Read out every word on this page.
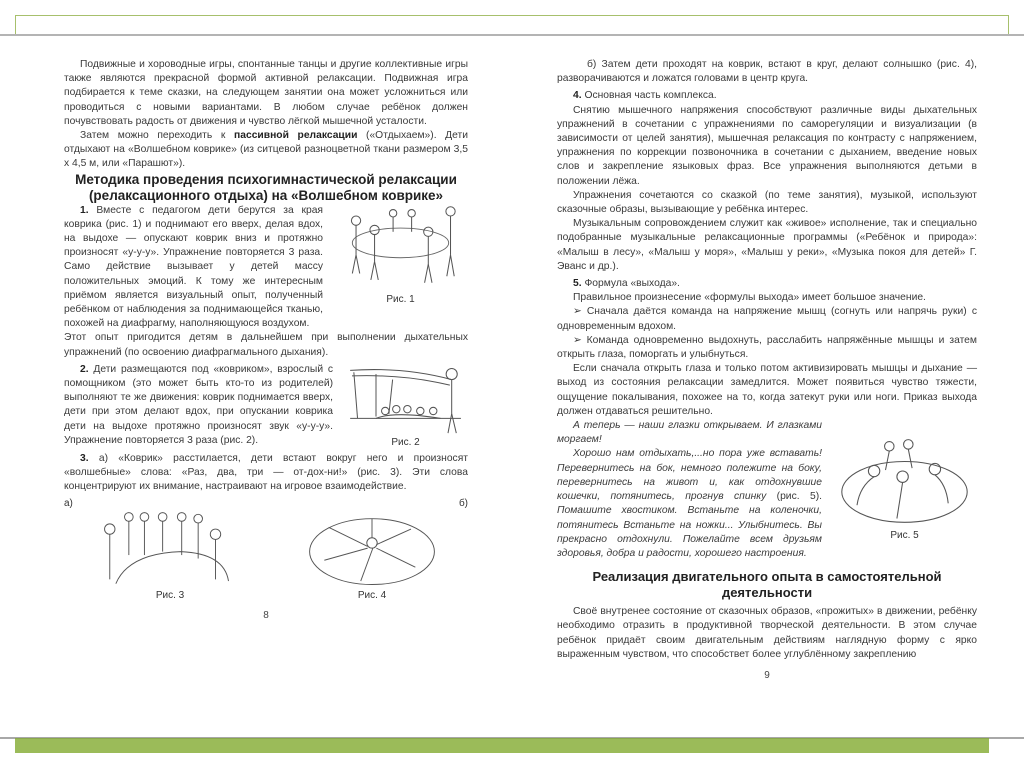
Подвижные и хороводные игры, спонтанные танцы и другие коллективные игры также являются прекрасной формой активной релаксации. Подвижная игра подбирается к теме сказки, на следующем занятии она может усложниться или проводиться с новыми вариантами. В любом случае ребёнок должен почувствовать радость от движения и чувство лёгкой мышечной усталости.

Затем можно переходить к пассивной релаксации («Отдыхаем»). Дети отдыхают на «Волшебном коврике» (из ситцевой разноцветной ткани размером 3,5 х 4,5 м, или «Парашют»).

Методика проведения психогимнастической релаксации (релаксационного отдыха) на «Волшебном коврике»

1. Вместе с педагогом дети берутся за края коврика (рис. 1) и поднимают его вверх, делая вдох, на выдохе — опускают коврик вниз и протяжно произносят «у-у-у». Упражнение повторяется 3 раза. Само действие вызывает у детей массу положительных эмоций. К тому же интересным приёмом является визуальный опыт, полученный ребёнком от наблюдения за поднимающейся тканью, похожей на диафрагму, наполняющуюся воздухом.

Рис. 1

Этот опыт пригодится детям в дальнейшем при выполнении дыхательных упражнений (по освоению диафрагмального дыхания).

2. Дети размещаются под «ковриком», взрослый с помощником (это может быть кто-то из родителей) выполняют те же движения: коврик поднимается вверх, дети при этом делают вдох, при опускании коврика дети на выдохе протяжно произносят звук «у-у-у». Упражнение повторяется 3 раза (рис. 2).	Рис. 2

3. а) «Коврик» расстилается, дети встают вокруг него и произносят «волшебные» слова: «Раз, два, три — от-дох-ни!» (рис. 3). Эти слова концентрируют их внимание, настраивают на игровое взаимодействие.

а)	б)
Рис. 3	Рис. 4
8

б) Затем дети проходят на коврик, встают в круг, делают солнышко (рис. 4), разворачиваются и ложатся головами в центр круга.

4. Основная часть комплекса.

Снятию мышечного напряжения способствуют различные виды дыхательных упражнений в сочетании с упражнениями по саморегуляции и визуализации (в зависимости от целей занятия), мышечная релаксация по контрасту с напряжением, упражнения по коррекции позвоночника в сочетании с дыханием, введение новых слов и закрепление языковых фраз. Все упражнения выполняются детьми в положении лёжа.

Упражнения сочетаются со сказкой (по теме занятия), музыкой, используют сказочные образы, вызывающие у ребёнка интерес.

Музыкальным сопровождением служит как «живое» исполнение, так и специально подобранные музыкальные релаксационные программы («Ребёнок и природа»: «Малыш в лесу», «Малыш у моря», «Малыш у реки», «Музыка покоя для детей» Г. Эванс и др.).

5. Формула «выхода».

Правильное произнесение «формулы выхода» имеет большое значение.

➢ Сначала даётся команда на напряжение мышц (согнуть или напрячь руки) с одновременным вдохом.

➢ Команда одновременно выдохнуть, расслабить напряжённые мышцы и затем открыть глаза, поморгать и улыбнуться.

Если сначала открыть глаза и только потом активизировать мышцы и дыхание — выход из состояния релаксации замедлится. Может появиться чувство тяжести, ощущение покалывания, похожее на то, когда затекут руки или ноги. Приказ выхода должен отдаваться решительно.

А теперь — наши глазки открываем. И глазками моргаем!

Хорошо нам отдыхать,...но пора уже вставать! Перевернитесь на бок, немного полежите на боку, перевернитесь на живот и, как отдохнувшие кошечки, потянитесь, прогнув спинку (рис. 5). Помашите хвостиком. Встаньте на коленочки, потянитесь Встаньте на ножки... Улыбнитесь. Вы прекрасно отдохнули. Пожелайте всем друзьям здоровья, добра и радости, хорошего настроения.

Рис. 5

Реализация двигательного опыта в самостоятельной деятельности

Своё внутренее состояние от сказочных образов, «прожитых» в движении, ребёнку необходимо отразить в продуктивной творческой деятельности. В этом случае ребёнок придаёт своим двигательным действиям наглядную форму с ярко выраженным чувством, что способствет более углублённому закреплению

9
